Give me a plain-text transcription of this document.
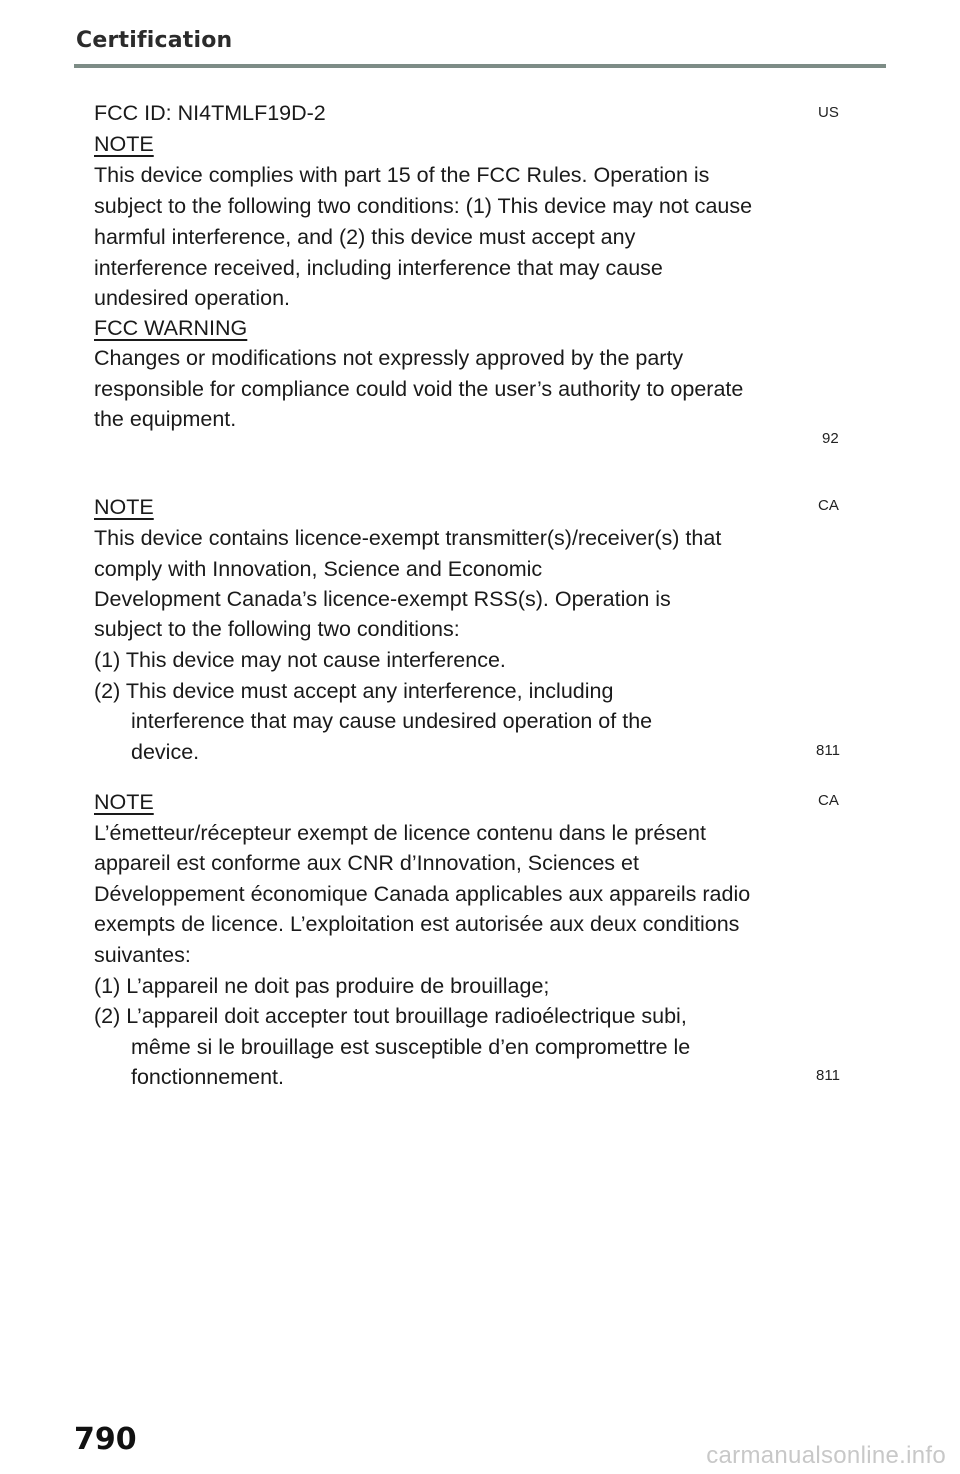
Certification
FCC ID: NI4TMLF19D-2
NOTE
This device complies with part 15 of the FCC Rules. Operation is
subject to the following two conditions: (1) This device may not cause
harmful interference, and (2) this device must accept any
interference received, including interference that may cause
undesired operation.
FCC WARNING
Changes or modifications not expressly approved by the party
responsible for compliance could void the user’s authority to operate
the equipment.
US
92
NOTE
This device contains licence-exempt transmitter(s)/receiver(s) that
comply with Innovation, Science and Economic
Development Canada’s licence-exempt RSS(s). Operation is
subject to the following two conditions:
(1) This device may not cause interference.
(2) This device must accept any interference, including
interference that may cause undesired operation of the
device.
CA
811
NOTE
L’émetteur/récepteur exempt de licence contenu dans le présent
appareil est conforme aux CNR d’Innovation, Sciences et
Développement économique Canada applicables aux appareils radio
exempts de licence. L’exploitation est autorisée aux deux conditions
suivantes:
(1) L’appareil ne doit pas produire de brouillage;
(2) L’appareil doit accepter tout brouillage radioélectrique subi,
même si le brouillage est susceptible d’en compromettre le
fonctionnement.
CA
811
790	carmanualsonline.info
